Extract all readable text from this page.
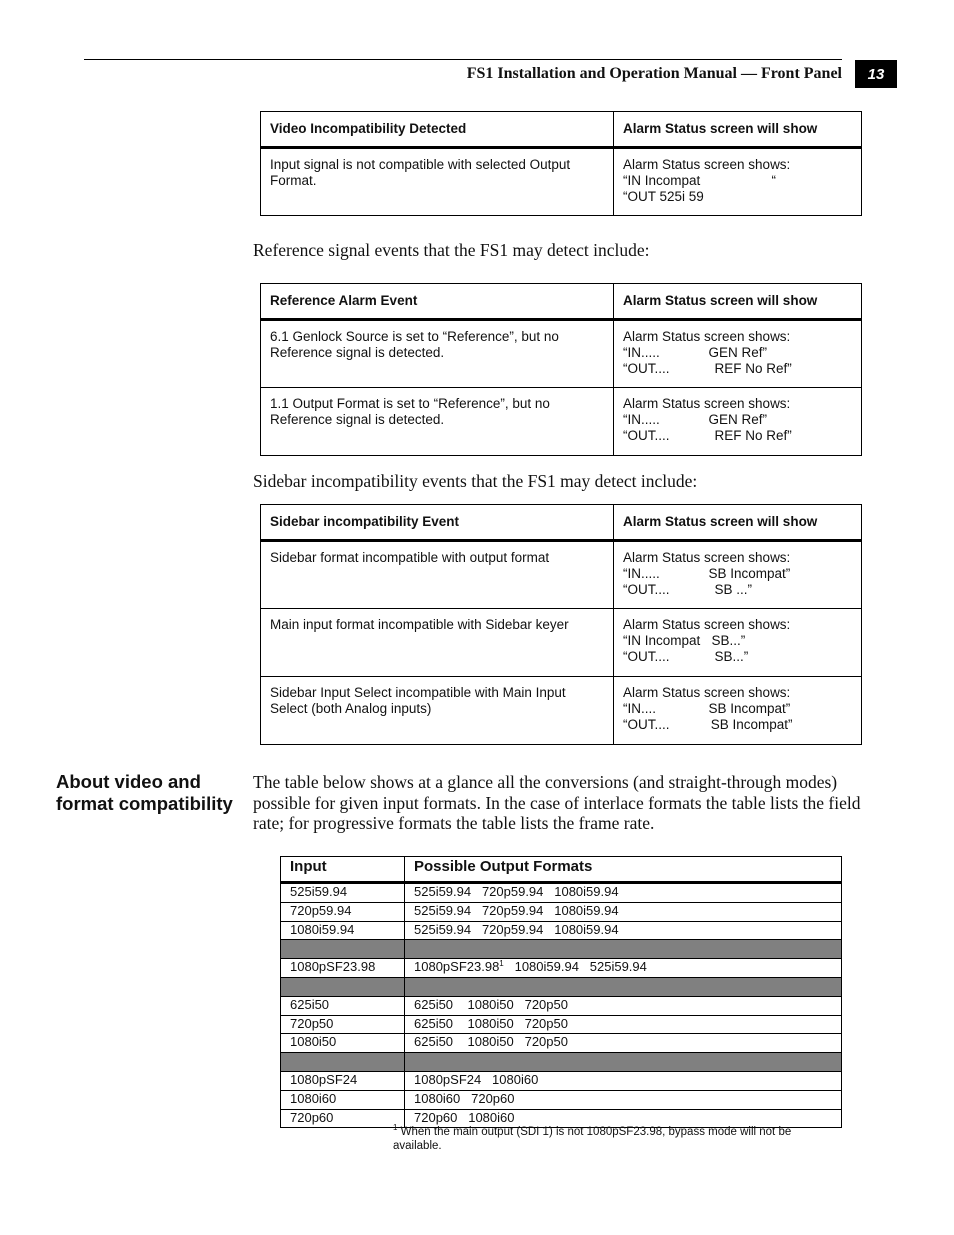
FS1 Installation and Operation Manual — Front Panel	13
Video Incompatibility Detected	Alarm Status screen will show
Input signal is not compatible with selected Output Format.	Alarm Status screen shows:
“IN Incompat                   “
“OUT 525i 59
Reference signal events that the FS1 may detect include:
Reference Alarm Event	Alarm Status screen will show
6.1 Genlock Source is set to “Reference”, but no Reference signal is detected.	Alarm Status screen shows:
“IN.....             GEN Ref”
“OUT....            REF No Ref”

1.1 Output Format is set to “Reference”, but no Reference signal is detected.	Alarm Status screen shows:
“IN.....             GEN Ref”
“OUT....            REF No Ref”
Sidebar incompatibility events that the FS1 may detect include:
Sidebar incompatibility Event	Alarm Status screen will show
Sidebar format incompatible with output format	Alarm Status screen shows:
“IN.....             SB Incompat”
“OUT....            SB ...”

Main input format incompatible with Sidebar keyer	Alarm Status screen shows:
“IN Incompat   SB...”
“OUT....            SB...”

Sidebar Input Select incompatible with Main Input Select (both Analog inputs)	Alarm Status screen shows:
“IN....              SB Incompat”
“OUT....           SB Incompat”
About video and format compatibility
The table below shows at a glance all the conversions (and straight-through modes) possible for given input formats. In the case of interlace formats the table lists the field rate; for progressive formats the table lists the frame rate.
Input	Possible Output Formats
525i59.94	525i59.94   720p59.94   1080i59.94
720p59.94	525i59.94   720p59.94   1080i59.94
1080i59.94	525i59.94   720p59.94   1080i59.94

1080pSF23.98	1080pSF23.98$^1$   1080i59.94   525i59.94

625i50	625i50    1080i50   720p50
720p50	625i50    1080i50   720p50
1080i50	625i50    1080i50   720p50

1080pSF24	1080pSF24   1080i60
1080i60	1080i60   720p60
720p60	720p60   1080i60
$^1$ When the main output (SDI 1) is not 1080pSF23.98, bypass mode will not be available.
